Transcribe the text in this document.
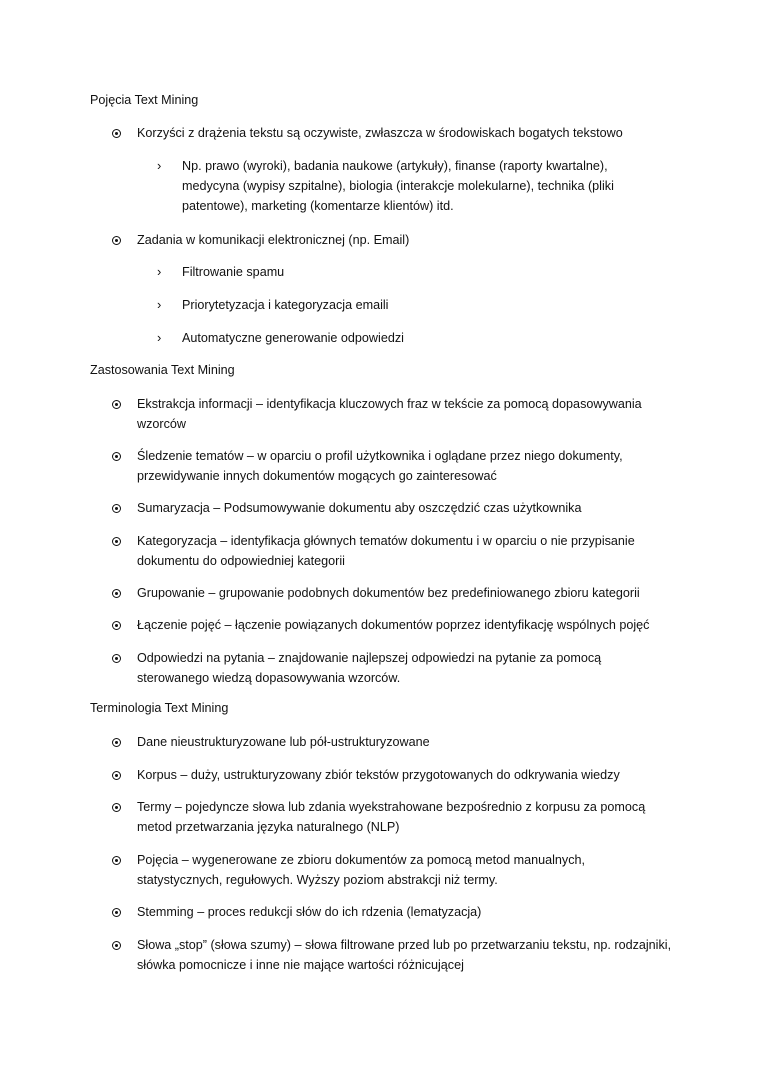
Pojęcia Text Mining
Korzyści z drążenia tekstu są oczywiste, zwłaszcza w środowiskach bogatych tekstowo
› Np. prawo (wyroki), badania naukowe (artykuły), finanse (raporty kwartalne), medycyna (wypisy szpitalne), biologia (interakcje molekularne), technika (pliki patentowe), marketing (komentarze klientów) itd.
Zadania w komunikacji elektronicznej (np. Email)
› Filtrowanie spamu
› Priorytetyzacja i kategoryzacja emaili
› Automatyczne generowanie odpowiedzi
Zastosowania Text Mining
Ekstrakcja informacji – identyfikacja kluczowych fraz w tekście za pomocą dopasowywania wzorców
Śledzenie tematów – w oparciu o profil użytkownika i oglądane przez niego dokumenty, przewidywanie innych dokumentów mogących go zainteresować
Sumaryzacja – Podsumowywanie dokumentu aby oszczędzić czas użytkownika
Kategoryzacja – identyfikacja głównych tematów dokumentu i w oparciu o nie przypisanie dokumentu do odpowiedniej kategorii
Grupowanie – grupowanie podobnych dokumentów bez predefiniowanego zbioru kategorii
Łączenie pojęć – łączenie powiązanych dokumentów poprzez identyfikację wspólnych pojęć
Odpowiedzi na pytania – znajdowanie najlepszej odpowiedzi na pytanie za pomocą sterowanego wiedzą dopasowywania wzorców.
Terminologia Text Mining
Dane nieustrukturyzowane lub pół-ustrukturyzowane
Korpus – duży, ustrukturyzowany zbiór tekstów przygotowanych do odkrywania wiedzy
Termy – pojedyncze słowa lub zdania wyekstrahowane bezpośrednio z korpusu za pomocą metod przetwarzania języka naturalnego (NLP)
Pojęcia – wygenerowane ze zbioru dokumentów za pomocą metod manualnych, statystycznych, regułowych. Wyższy poziom abstrakcji niż termy.
Stemming – proces redukcji słów do ich rdzenia (lematyzacja)
Słowa „stop” (słowa szumy) – słowa filtrowane przed lub po przetwarzaniu tekstu, np. rodzajniki, słówka pomocnicze i inne nie mające wartości różnicującej
